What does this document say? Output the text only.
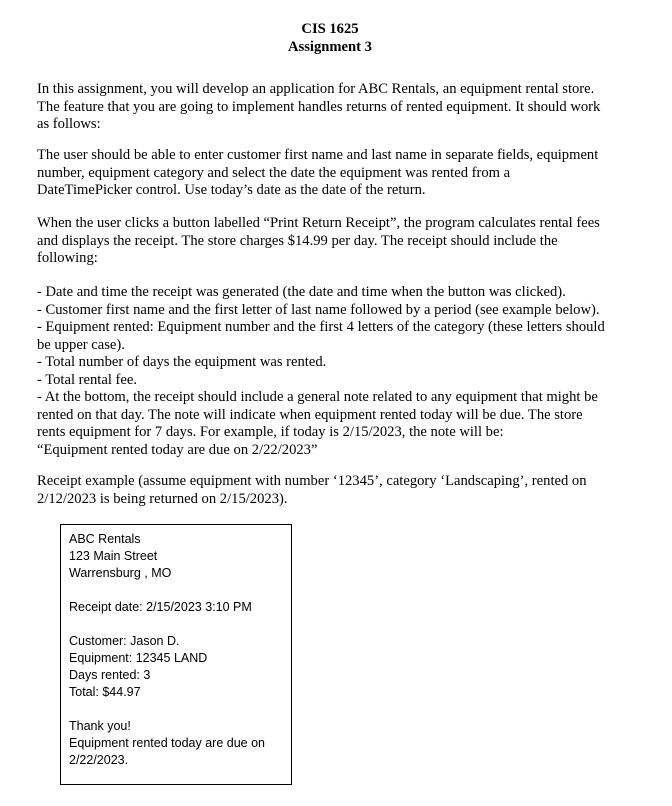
CIS 1625
Assignment 3
In this assignment, you will develop an application for ABC Rentals, an equipment rental store.
The feature that you are going to implement handles returns of rented equipment. It should work
as follows:
The user should be able to enter customer first name and last name in separate fields, equipment
number, equipment category and select the date the equipment was rented from a
DateTimePicker control. Use today’s date as the date of the return.
When the user clicks a button labelled “Print Return Receipt”, the program calculates rental fees
and displays the receipt. The store charges $14.99 per day. The receipt should include the
following:
- Date and time the receipt was generated (the date and time when the button was clicked).
- Customer first name and the first letter of last name followed by a period (see example below).
- Equipment rented: Equipment number and the first 4 letters of the category (these letters should
be upper case).
- Total number of days the equipment was rented.
- Total rental fee.
- At the bottom, the receipt should include a general note related to any equipment that might be
rented on that day. The note will indicate when equipment rented today will be due. The store
rents equipment for 7 days. For example, if today is 2/15/2023, the note will be:
“Equipment rented today are due on 2/22/2023”
Receipt example (assume equipment with number ‘12345’, category ‘Landscaping’, rented on
2/12/2023 is being returned on 2/15/2023).
ABC Rentals
123 Main Street
Warrensburg , MO
Receipt date: 2/15/2023 3:10 PM
Customer: Jason D.
Equipment: 12345 LAND
Days rented: 3
Total: $44.97
Thank you!
Equipment rented today are due on
2/22/2023.
